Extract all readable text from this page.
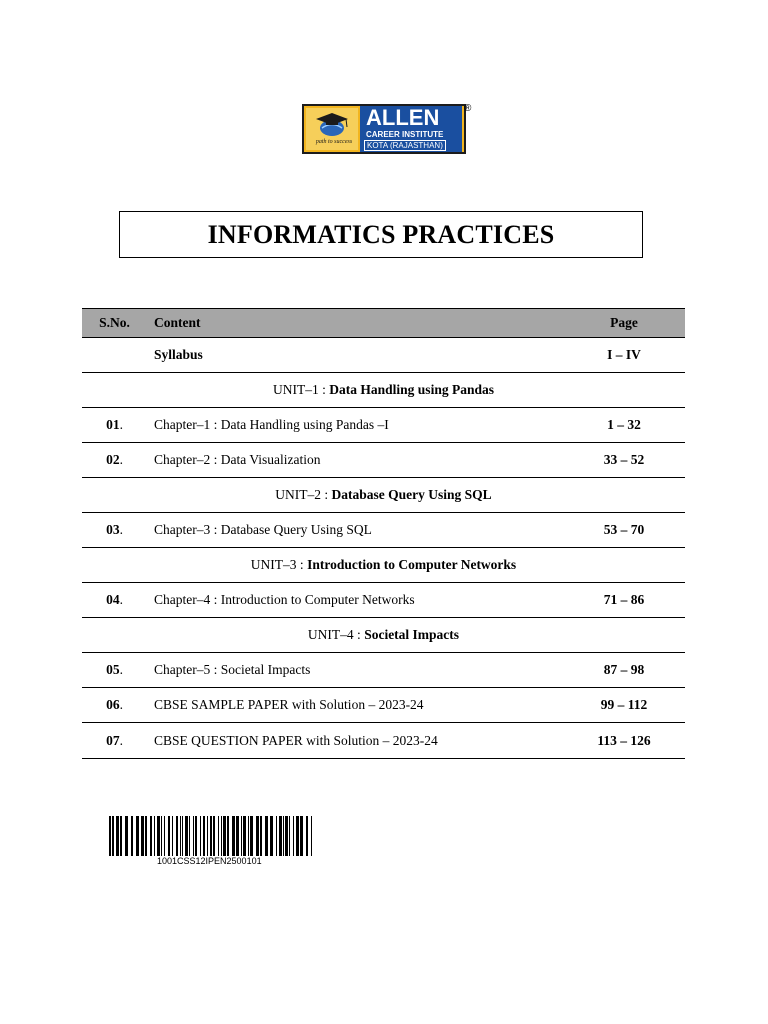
path to success
ALLEN
CAREER INSTITUTE
KOTA (RAJASTHAN)
®
INFORMATICS PRACTICES
S.No.	Content	Page
	Syllabus	I – IV
UNIT–1 : Data Handling using Pandas		
01.	Chapter–1 : Data Handling using Pandas –I	1 – 32
02.	Chapter–2 : Data Visualization	33 – 52
UNIT–2 : Database Query Using SQL		
03.	Chapter–3 : Database Query Using SQL	53 – 70
UNIT–3 : Introduction to Computer Networks		
04.	Chapter–4 : Introduction to Computer Networks	71 – 86
UNIT–4 : Societal Impacts		
05.	Chapter–5 : Societal Impacts	87 – 98
06.	CBSE SAMPLE PAPER with Solution – 2023-24	99 – 112
07.	CBSE QUESTION PAPER with Solution – 2023-24	113 – 126
1001CSS12IPEN2500101
